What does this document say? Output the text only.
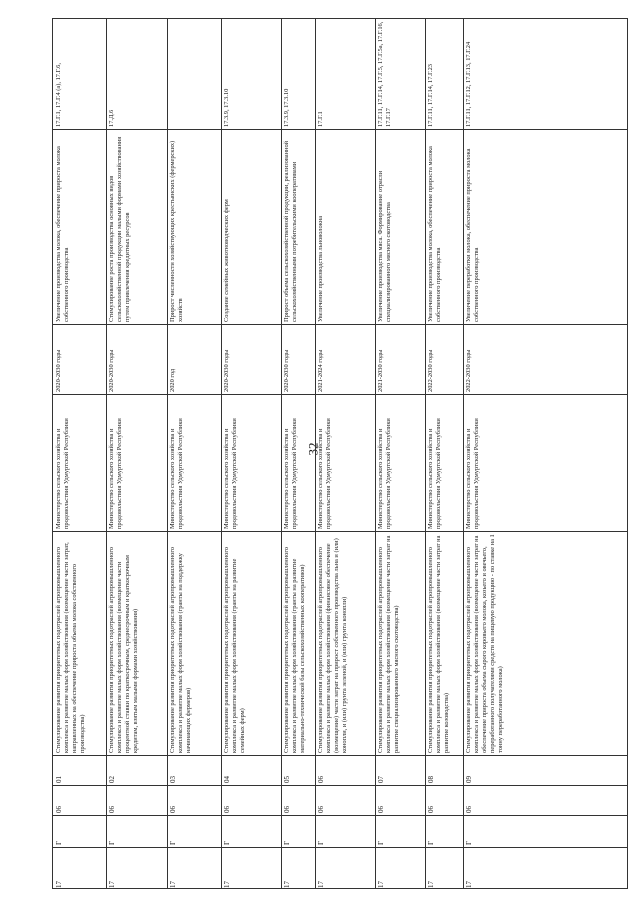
32
17
Г
06
01
Стимулирование развития приоритетных подотраслей агропромышленного комплекса и развитие малых форм хозяйствования (возмещение части затрат, направленных на обеспечение прироста объема молока собственного производства)
Министерство сельского хозяйства и продовольствия Удмуртской Республики
2020-2030 годы
Увеличение производства молока, обеспечение прироста молока собственного производства
17.Г.1, 17.Г.4 (а), 17.Г.6,
17
Г
06
02
Стимулирование развития приоритетных подотраслей агропромышленного комплекса и развитие малых форм хозяйствования (возмещение части процентной ставки по краткосрочным, среднесрочным и краткосрочным кредитам, взятым малыми формами хозяйствования)
Министерство сельского хозяйства и продовольствия Удмуртской Республики
2020-2030 годы
Стимулирование роста производства основных видов сельскохозяйственной продукции малыми формами хозяйствования путем привлечения кредитных ресурсов
17.Д.6
17
Г
06
03
Стимулирование развития приоритетных подотраслей агропромышленного комплекса и развитие малых форм хозяйствования (гранты на поддержку начинающих фермеров)
Министерство сельского хозяйства и продовольствия Удмуртской Республики
2020 год
Прирост численности хозяйствующих крестьянских (фермерских) хозяйств
17
Г
06
04
Стимулирование развития приоритетных подотраслей агропромышленного комплекса и развитие малых форм хозяйствования (гранты на развитие семейных ферм)
Министерство сельского хозяйства и продовольствия Удмуртской Республики
2020-2030 годы
Создание семейных животноводческих ферм
17.3.9, 17.3.10
17
Г
06
05
Стимулирование развития приоритетных подотраслей агропромышленного комплекса и развитие малых форм хозяйствования (гранты на развитие материально-технической базы сельскохозяйственных кооперативов)
Министерство сельского хозяйства и продовольствия Удмуртской Республики
2020-2030 годы
Прирост объема сельскохозяйственной продукции, реализованной сельскохозяйственными потребительскими кооперативами
17.3.9, 17.3.10
17
Г
06
06
Стимулирование развития приоритетных подотраслей агропромышленного комплекса и развитие малых форм хозяйствования (финансовое обеспечение (возмещение) части затрат на прирост собственного производства льна и (или) конопли, и (или) грунта зеленой, и (или) грунта конопли)
Министерство сельского хозяйства и продовольствия Удмуртской Республики
2021-2024 годы
Увеличение производства льноволокна
17.Г.1
17
Г
06
07
Стимулирование развития приоритетных подотраслей агропромышленного комплекса и развитие малых форм хозяйствования (возмещение части затрат на развитие специализированного мясного скотоводства)
Министерство сельского хозяйства и продовольствия Удмуртской Республики
2021-2030 годы
Увеличение производства мяса. Формирование отрасли специализированного мясного скотоводства
17.Г.11, 17.Г.14, 17.Г.5, 17.Г.5а, 17.Г.16, 17.Г.17
17
Г
06
08
Стимулирование развития приоритетных подотраслей агропромышленного комплекса и развитие малых форм хозяйствования (возмещение части затрат на развитие козоводства)
Министерство сельского хозяйства и продовольствия Удмуртской Республики
2022-2030 годы
Увеличение производства молока, обеспечение прироста молока собственного производства
17.Г.11, 17.Г.14, 17.Г.23
17
Г
06
09
Стимулирование развития приоритетных подотраслей агропромышленного комплекса и развитие малых форм хозяйствования (возмещение части затрат на обеспечение прироста объема сырого коровьего молока, козьего и овечьего, переработанного получателями средств на пищевую продукцию - по ставке на 1 тонну переработанного молока)
Министерство сельского хозяйства и продовольствия Удмуртской Республики
2022-2030 годы
Увеличение переработки молока, обеспечение прироста молока собственного производства
17.Г.11, 17.Г.12, 17.Г.13, 17.Г.24
